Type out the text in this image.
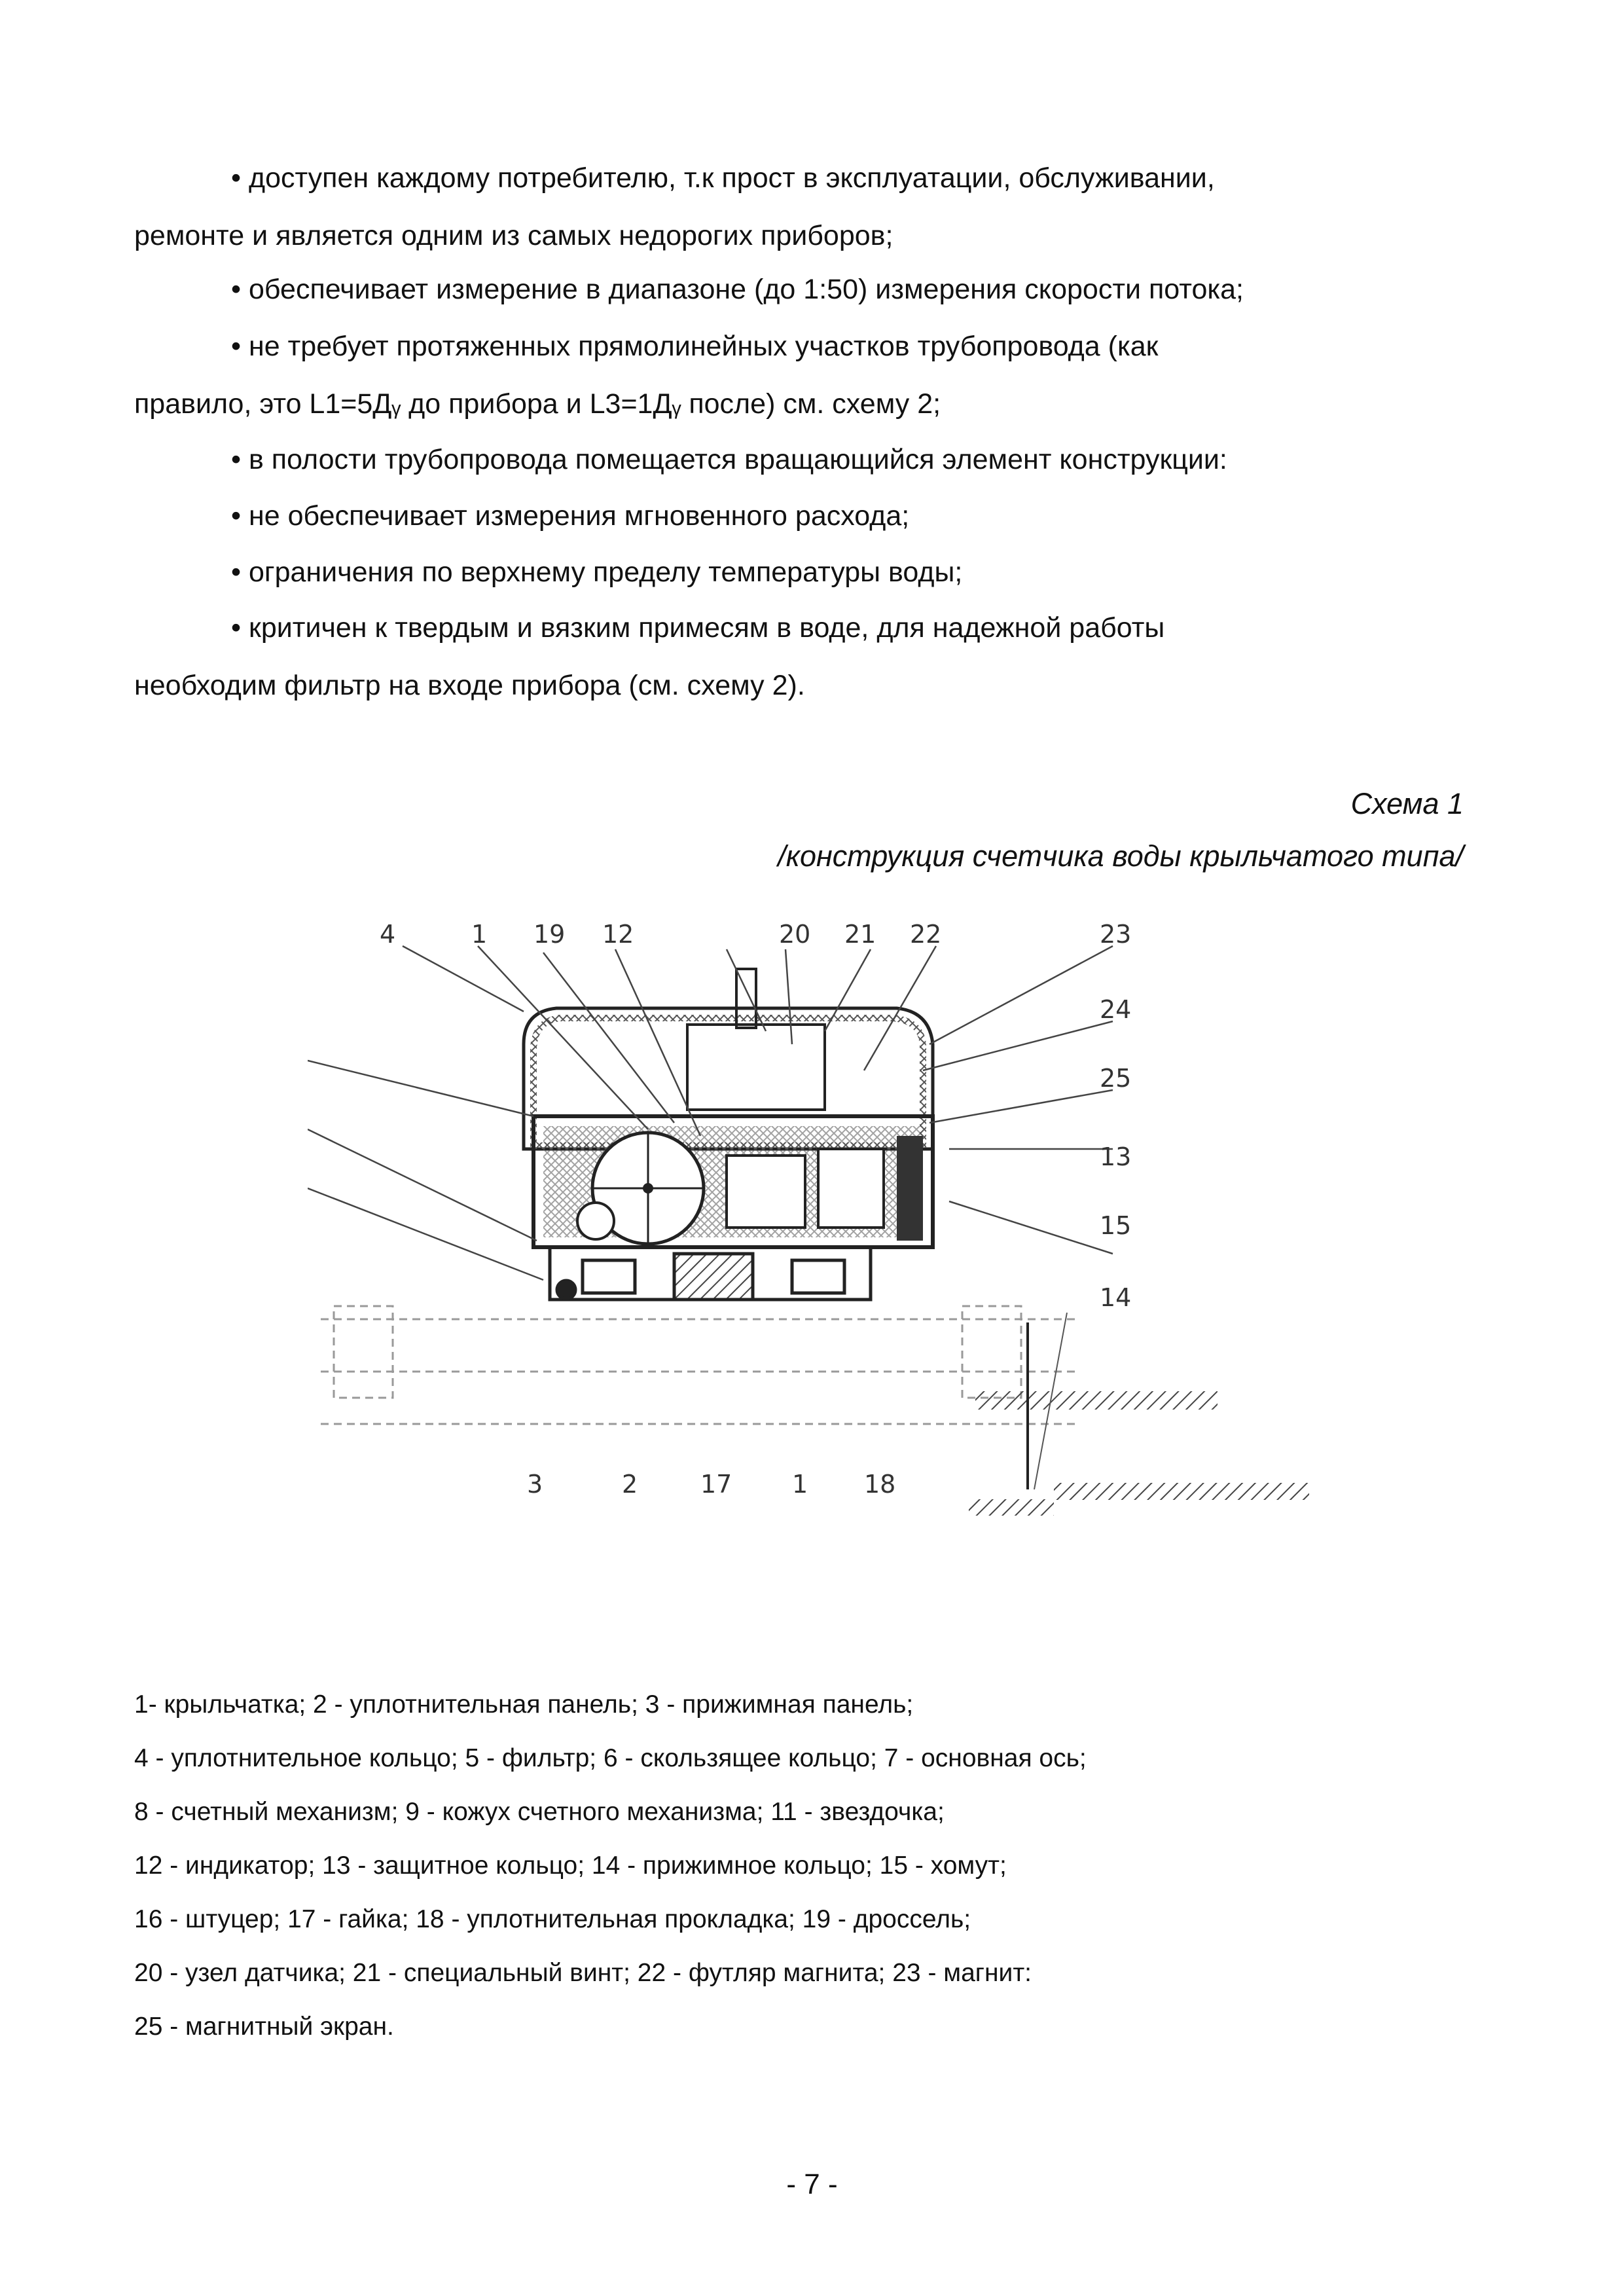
• доступен каждому потребителю, т.к прост в эксплуатации, обслуживании,
ремонте и является одним из самых недорогих приборов;
• обеспечивает измерение в диапазоне (до 1:50) измерения скорости потока;
• не требует протяженных прямолинейных участков трубопровода (как
правило, это L1=5Дᵧ до прибора и L3=1Дᵧ после) см. схему 2;
• в полости трубопровода помещается вращающийся элемент конструкции:
• не обеспечивает измерения мгновенного расхода;
• ограничения по верхнему пределу температуры воды;
• критичен к твердым и вязким примесям в воде, для надежной работы
необходим фильтр на входе прибора (см. схему 2).
Схема 1
/конструкция счетчика воды крыльчатого типа/
4	1 19 12	20 21 22	23
24
25
13
15
14
3	2	17 1 18
1- крыльчатка; 2 - уплотнительная панель; 3 - прижимная панель;
4 - уплотнительное кольцо; 5 - фильтр; 6 - скользящее кольцо; 7 - основная ось;
8 - счетный механизм; 9 - кожух счетного механизма; 11 - звездочка;
12 - индикатор; 13 - защитное кольцо; 14 - прижимное кольцо; 15 - хомут;
16 - штуцер; 17 - гайка; 18 - уплотнительная прокладка; 19 - дроссель;
20 - узел датчика; 21 - специальный винт; 22 - футляр магнита; 23 - магнит:
25 - магнитный экран.
- 7 -
